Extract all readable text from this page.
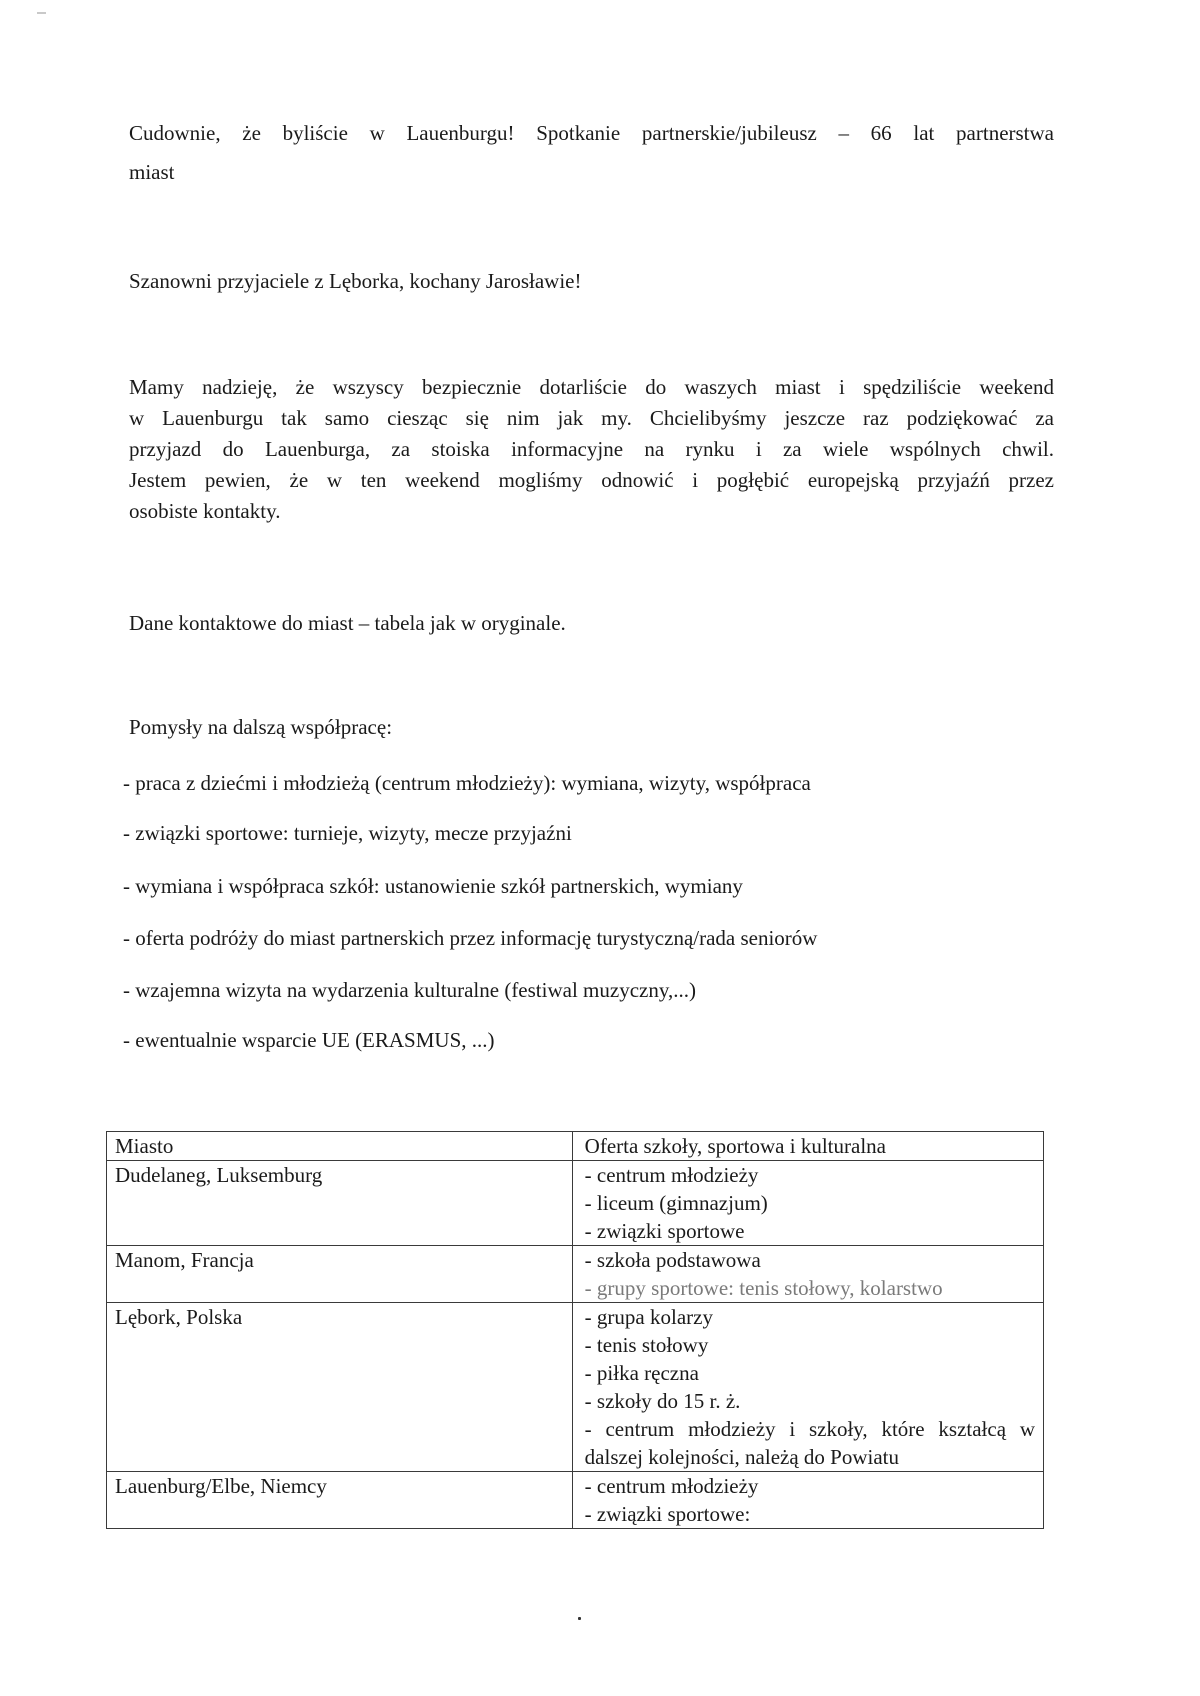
Cudownie, że byliście w Lauenburgu! Spotkanie partnerskie/jubileusz – 66 lat partnerstwa
miast
Szanowni przyjaciele z Lęborka, kochany Jarosławie!
Mamy nadzieję, że wszyscy bezpiecznie dotarliście do waszych miast i spędziliście weekend
w Lauenburgu tak samo ciesząc się nim jak my. Chcielibyśmy jeszcze raz podziękować za
przyjazd do Lauenburga, za stoiska informacyjne na rynku i za wiele wspólnych chwil.
Jestem pewien, że w ten weekend mogliśmy odnowić i pogłębić europejską przyjaźń przez
osobiste kontakty.
Dane kontaktowe do miast – tabela jak w oryginale.
Pomysły na dalszą współpracę:
- praca z dziećmi i młodzieżą (centrum młodzieży): wymiana, wizyty, współpraca
- związki sportowe: turnieje, wizyty, mecze przyjaźni
- wymiana i współpraca szkół: ustanowienie szkół partnerskich, wymiany
- oferta podróży do miast partnerskich przez informację turystyczną/rada seniorów
- wzajemna wizyta na wydarzenia kulturalne (festiwal muzyczny,...)
- ewentualnie wsparcie UE (ERASMUS, ...)
Miasto	Oferta szkoły, sportowa i kulturalna
Dudelaneg, Luksemburg	- centrum młodzieży
- liceum (gimnazjum)
- związki sportowe

Manom, Francja	- szkoła podstawowa
- grupy sportowe: tenis stołowy, kolarstwo

Lębork, Polska	- grupa kolarzy
- tenis stołowy
- piłka ręczna
- szkoły do 15 r. ż.
- centrum młodzieży i szkoły, które kształcą w dalszej kolejności, należą do Powiatu

Lauenburg/Elbe, Niemcy	- centrum młodzieży
- związki sportowe:
